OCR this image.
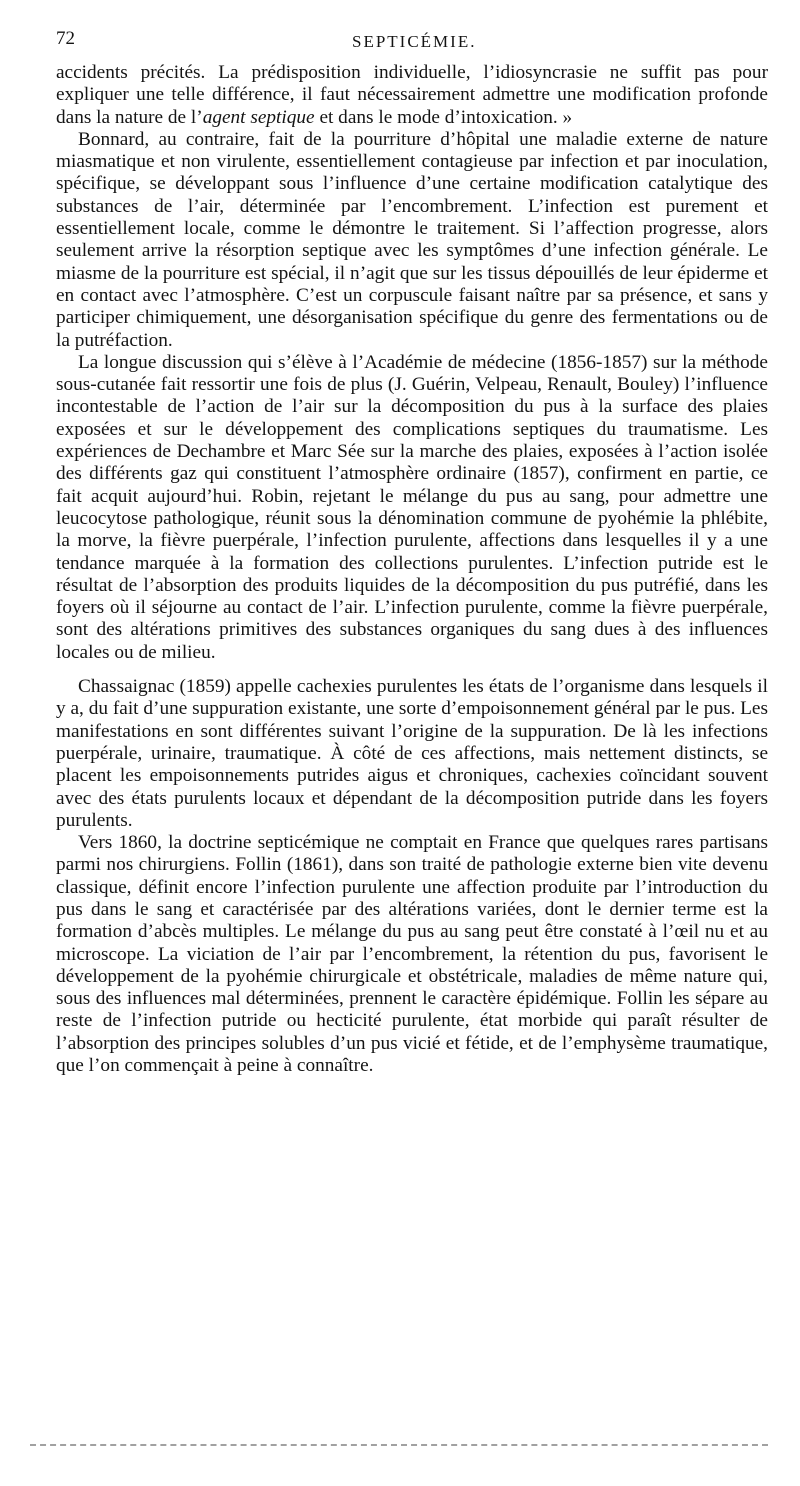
72	SEPTICÉMIE.

accidents précités. La prédisposition individuelle, l’idiosyncrasie ne suffit pas pour expliquer une telle différence, il faut nécessairement admettre une modification profonde dans la nature de l’agent septique et dans le mode d’intoxication. »

Bonnard, au contraire, fait de la pourriture d’hôpital une maladie externe de nature miasmatique et non virulente, essentiellement contagieuse par infection et par inoculation, spécifique, se développant sous l’influence d’une certaine modification catalytique des substances de l’air, déterminée par l’encombrement. L’infection est purement et essentiellement locale, comme le démontre le traitement. Si l’affection progresse, alors seulement arrive la résorption septique avec les symptômes d’une infection générale. Le miasme de la pourriture est spécial, il n’agit que sur les tissus dépouillés de leur épiderme et en contact avec l’atmosphère. C’est un corpuscule faisant naître par sa présence, et sans y participer chimiquement, une désorganisation spécifique du genre des fermentations ou de la putréfaction.

La longue discussion qui s’élève à l’Académie de médecine (1856-1857) sur la méthode sous-cutanée fait ressortir une fois de plus (J. Guérin, Velpeau, Renault, Bouley) l’influence incontestable de l’action de l’air sur la décomposition du pus à la surface des plaies exposées et sur le développement des complications septiques du traumatisme. Les expériences de Dechambre et Marc Sée sur la marche des plaies, exposées à l’action isolée des différents gaz qui constituent l’atmosphère ordinaire (1857), confirment en partie, ce fait acquit aujourd’hui. Robin, rejetant le mélange du pus au sang, pour admettre une leucocytose pathologique, réunit sous la dénomination commune de pyohémie la phlébite, la morve, la fièvre puerpérale, l’infection purulente, affections dans lesquelles il y a une tendance marquée à la formation des collections purulentes. L’infection putride est le résultat de l’absorption des produits liquides de la décomposition du pus putréfié, dans les foyers où il séjourne au contact de l’air. L’infection purulente, comme la fièvre puerpérale, sont des altérations primitives des substances organiques du sang dues à des influences locales ou de milieu.

Chassaignac (1859) appelle cachexies purulentes les états de l’organisme dans lesquels il y a, du fait d’une suppuration existante, une sorte d’empoisonnement général par le pus. Les manifestations en sont différentes suivant l’origine de la suppuration. De là les infections puerpérale, urinaire, traumatique. À côté de ces affections, mais nettement distincts, se placent les empoisonnements putrides aigus et chroniques, cachexies coïncidant souvent avec des états purulents locaux et dépendant de la décomposition putride dans les foyers purulents.

Vers 1860, la doctrine septicémique ne comptait en France que quelques rares partisans parmi nos chirurgiens. Follin (1861), dans son traité de pathologie externe bien vite devenu classique, définit encore l’infection purulente une affection produite par l’introduction du pus dans le sang et caractérisée par des altérations variées, dont le dernier terme est la formation d’abcès multiples. Le mélange du pus au sang peut être constaté à l’œil nu et au microscope. La viciation de l’air par l’encombrement, la rétention du pus, favorisent le développement de la pyohémie chirurgicale et obstétricale, maladies de même nature qui, sous des influences mal déterminées, prennent le caractère épidémique. Follin les sépare au reste de l’infection putride ou hecticité purulente, état morbide qui paraît résulter de l’absorption des principes solubles d’un pus vicié et fétide, et de l’emphysème traumatique, que l’on commençait à peine à connaître.
